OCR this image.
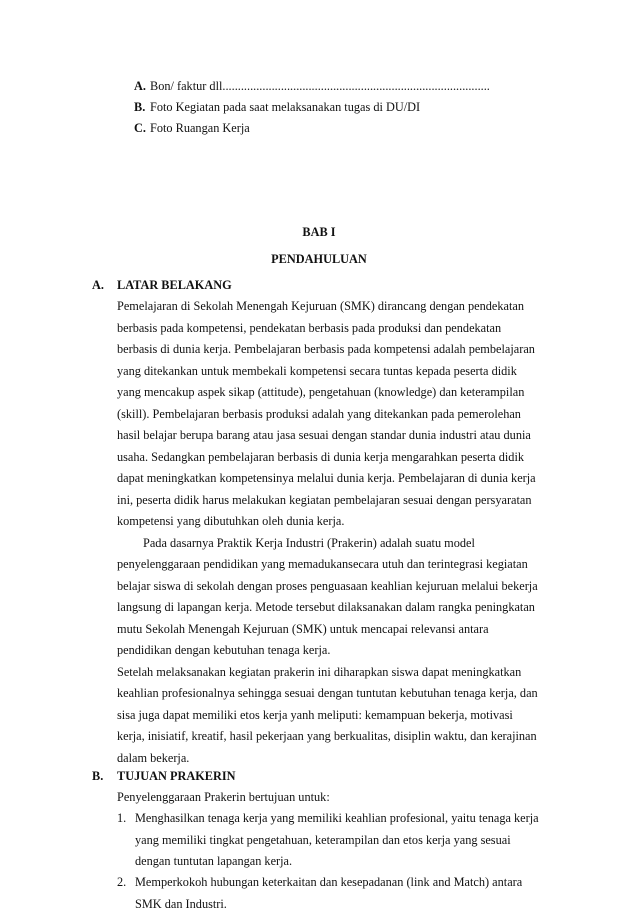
A. Bon/ faktur dll.......................................................................................
B. Foto Kegiatan pada saat melaksanakan tugas di DU/DI
C. Foto Ruangan Kerja
BAB I
PENDAHULUAN
A. LATAR BELAKANG
Pemelajaran di Sekolah Menengah Kejuruan (SMK) dirancang dengan pendekatan
berbasis pada kompetensi, pendekatan berbasis pada produksi dan pendekatan
berbasis di dunia kerja. Pembelajaran berbasis pada kompetensi adalah pembelajaran
yang ditekankan untuk membekali kompetensi secara tuntas kepada peserta didik
yang mencakup aspek sikap (attitude), pengetahuan (knowledge) dan keterampilan
(skill). Pembelajaran berbasis produksi adalah yang ditekankan pada pemerolehan
hasil belajar berupa barang atau jasa sesuai dengan standar dunia industri atau dunia
usaha. Sedangkan pembelajaran berbasis di dunia kerja mengarahkan peserta didik
dapat meningkatkan kompetensinya melalui dunia kerja. Pembelajaran di dunia kerja
ini, peserta didik harus melakukan kegiatan pembelajaran sesuai dengan persyaratan
kompetensi yang dibutuhkan oleh dunia kerja.
Pada dasarnya Praktik Kerja Industri (Prakerin) adalah suatu model
penyelenggaraan pendidikan yang memadukansecara utuh dan terintegrasi kegiatan
belajar siswa di sekolah dengan proses penguasaan keahlian kejuruan melalui bekerja
langsung di lapangan kerja. Metode tersebut dilaksanakan dalam rangka peningkatan
mutu Sekolah Menengah Kejuruan (SMK) untuk mencapai relevansi antara
pendidikan dengan kebutuhan tenaga kerja.
Setelah melaksanakan kegiatan prakerin ini diharapkan siswa dapat meningkatkan
keahlian profesionalnya sehingga sesuai dengan tuntutan kebutuhan tenaga kerja, dan
sisa juga dapat memiliki etos kerja yanh meliputi: kemampuan bekerja, motivasi
kerja, inisiatif, kreatif, hasil pekerjaan yang berkualitas, disiplin waktu, dan kerajinan
dalam bekerja.
B. TUJUAN PRAKERIN
Penyelenggaraan Prakerin bertujuan untuk:
1. Menghasilkan tenaga kerja yang memiliki keahlian profesional, yaitu tenaga kerja
yang memiliki tingkat pengetahuan, keterampilan dan etos kerja yang sesuai
dengan tuntutan lapangan kerja.
2. Memperkokoh hubungan keterkaitan dan kesepadanan (link and Match) antara
SMK dan Industri.
